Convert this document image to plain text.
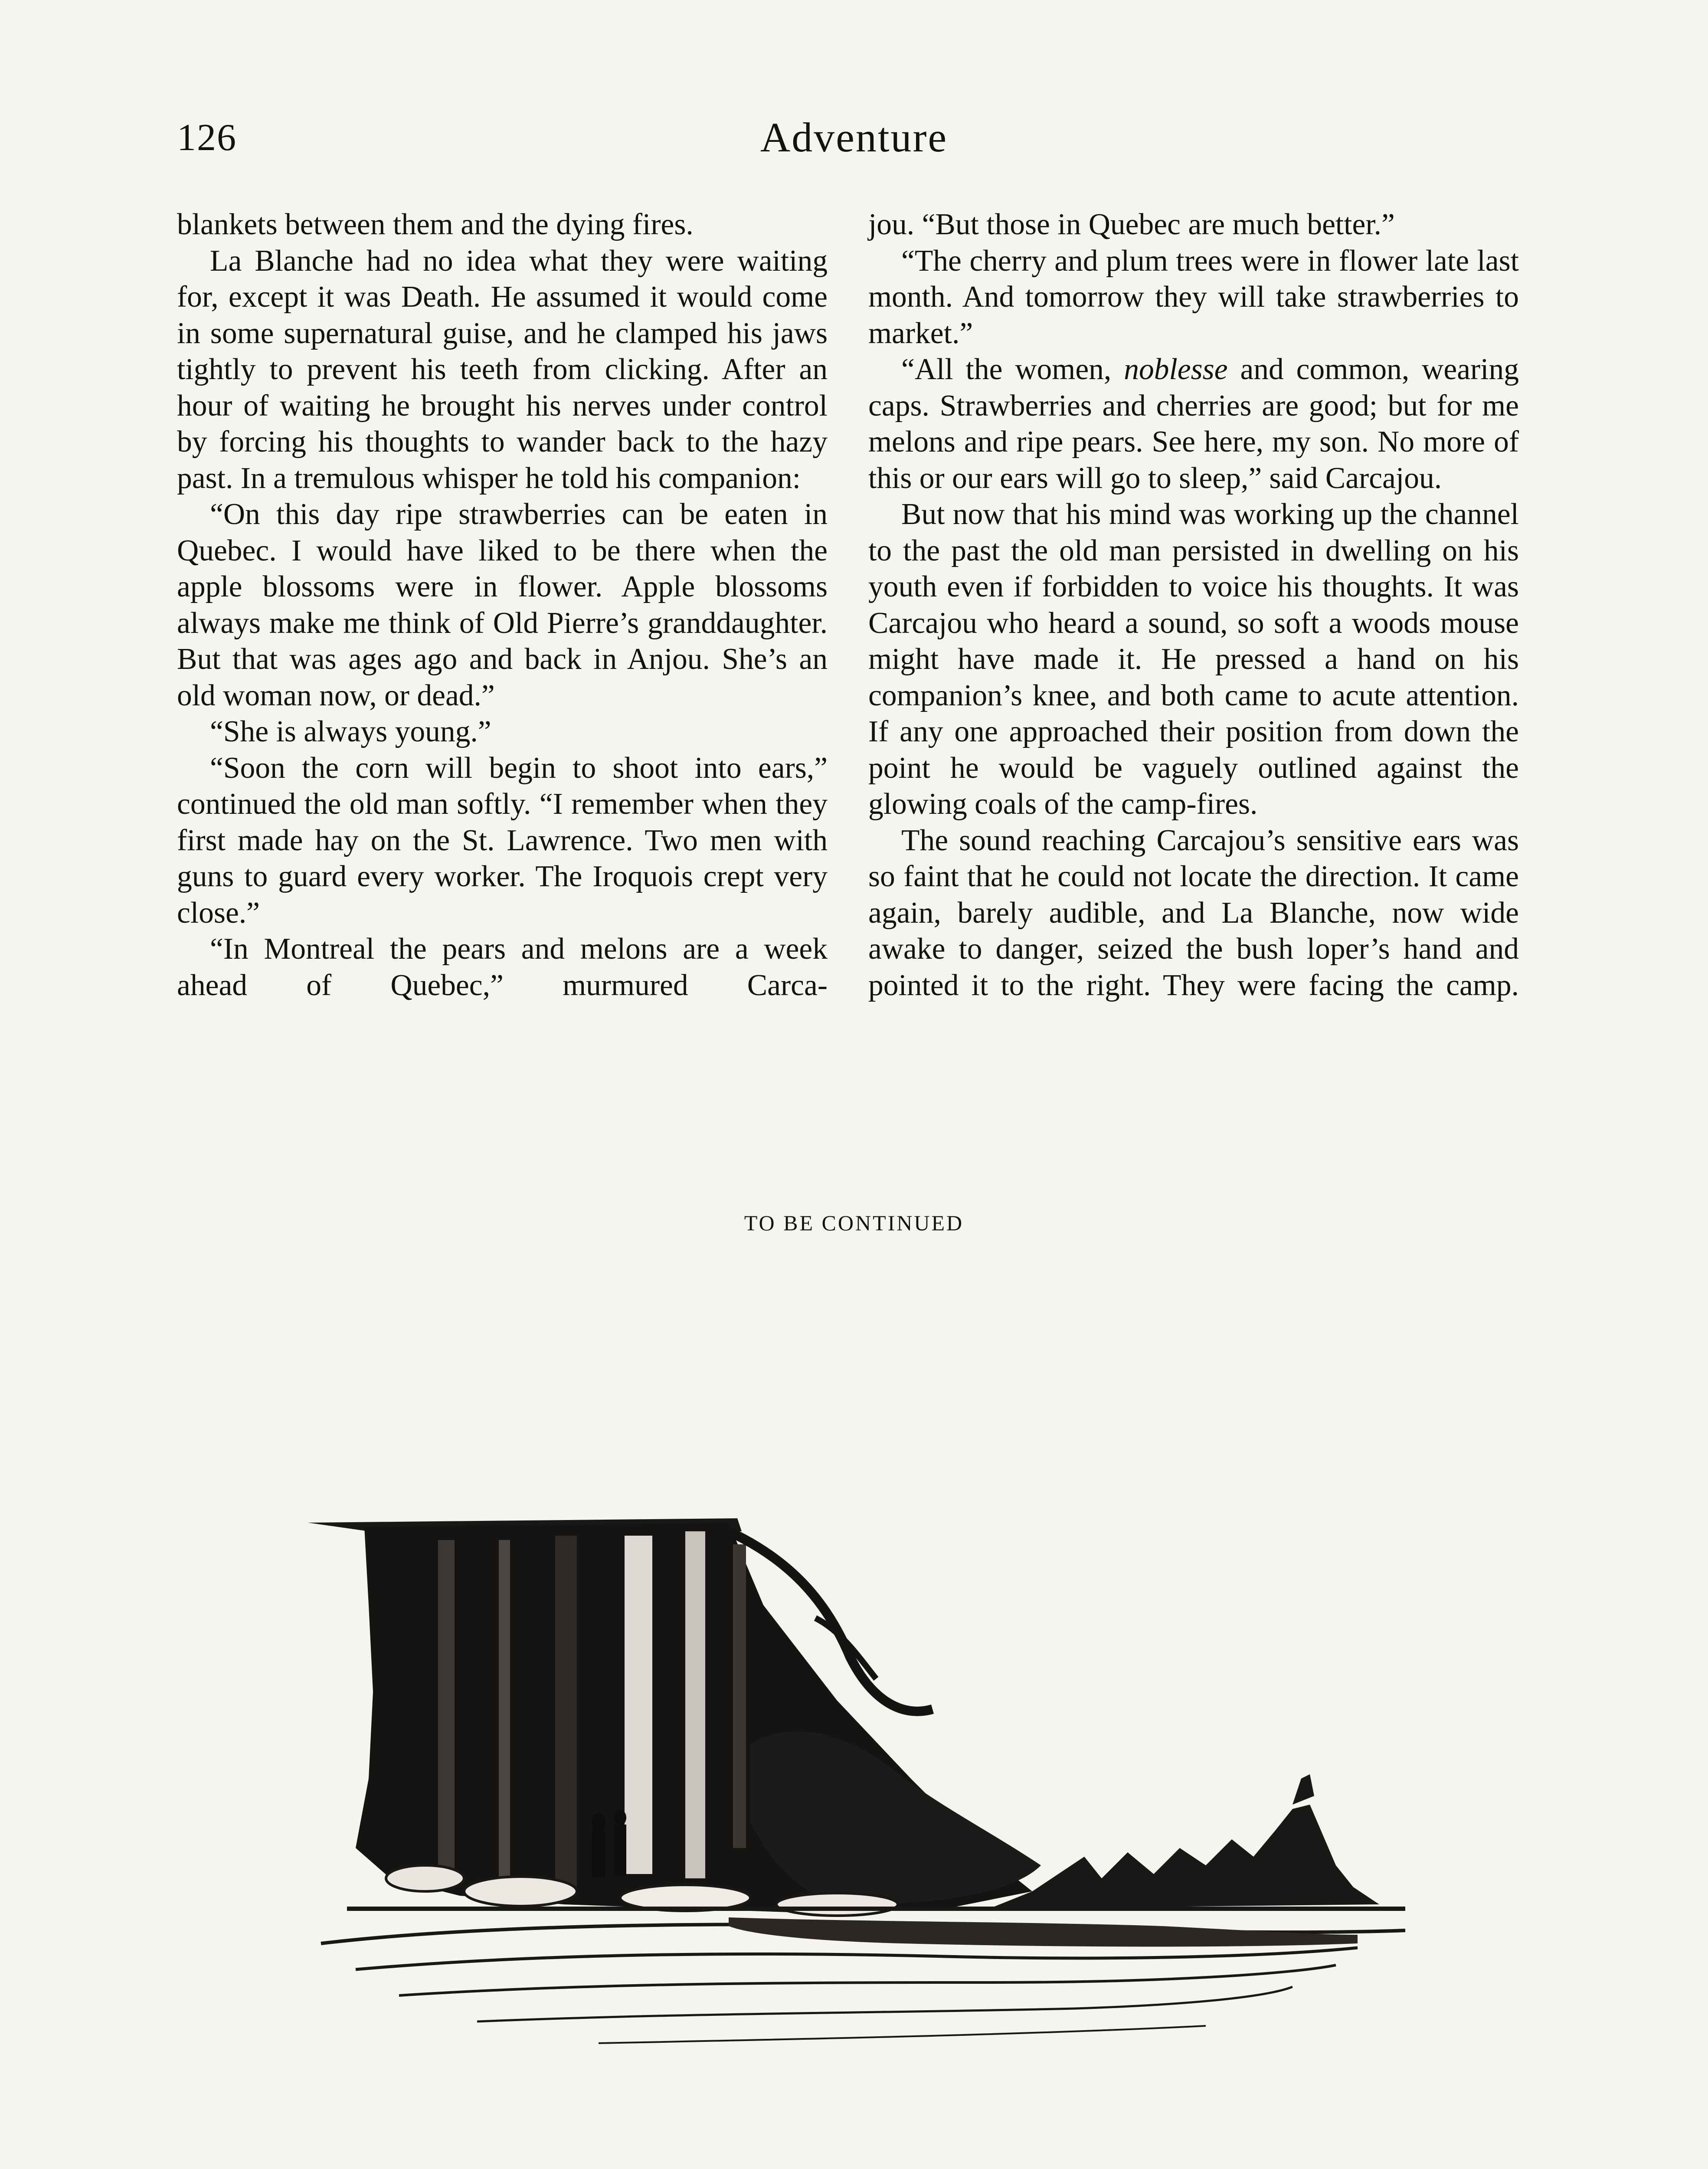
126	Adventure

blankets between them and the dying fires.

La Blanche had no idea what they were waiting for, except it was Death. He assumed it would come in some supernatural guise, and he clamped his jaws tightly to prevent his teeth from clicking. After an hour of waiting he brought his nerves under control by forcing his thoughts to wander back to the hazy past. In a tremulous whisper he told his companion:

“On this day ripe strawberries can be eaten in Quebec. I would have liked to be there when the apple blossoms were in flower. Apple blossoms always make me think of Old Pierre’s granddaughter. But that was ages ago and back in Anjou. She’s an old woman now, or dead.”

“She is always young.”

“Soon the corn will begin to shoot into ears,” continued the old man softly. “I remember when they first made hay on the St. Lawrence. Two men with guns to guard every worker. The Iroquois crept very close.”

“In Montreal the pears and melons are a week ahead of Quebec,” murmured Carca-

jou. “But those in Quebec are much better.”

“The cherry and plum trees were in flower late last month. And tomorrow they will take strawberries to market.”

“All the women, noblesse and common, wearing caps. Strawberries and cherries are good; but for me melons and ripe pears. See here, my son. No more of this or our ears will go to sleep,” said Carcajou.

But now that his mind was working up the channel to the past the old man persisted in dwelling on his youth even if forbidden to voice his thoughts. It was Carcajou who heard a sound, so soft a woods mouse might have made it. He pressed a hand on his companion’s knee, and both came to acute attention. If any one approached their position from down the point he would be vaguely outlined against the glowing coals of the camp-fires.

The sound reaching Carcajou’s sensitive ears was so faint that he could not locate the direction. It came again, barely audible, and La Blanche, now wide awake to danger, seized the bush loper’s hand and pointed it to the right. They were facing the camp.

TO BE CONTINUED
